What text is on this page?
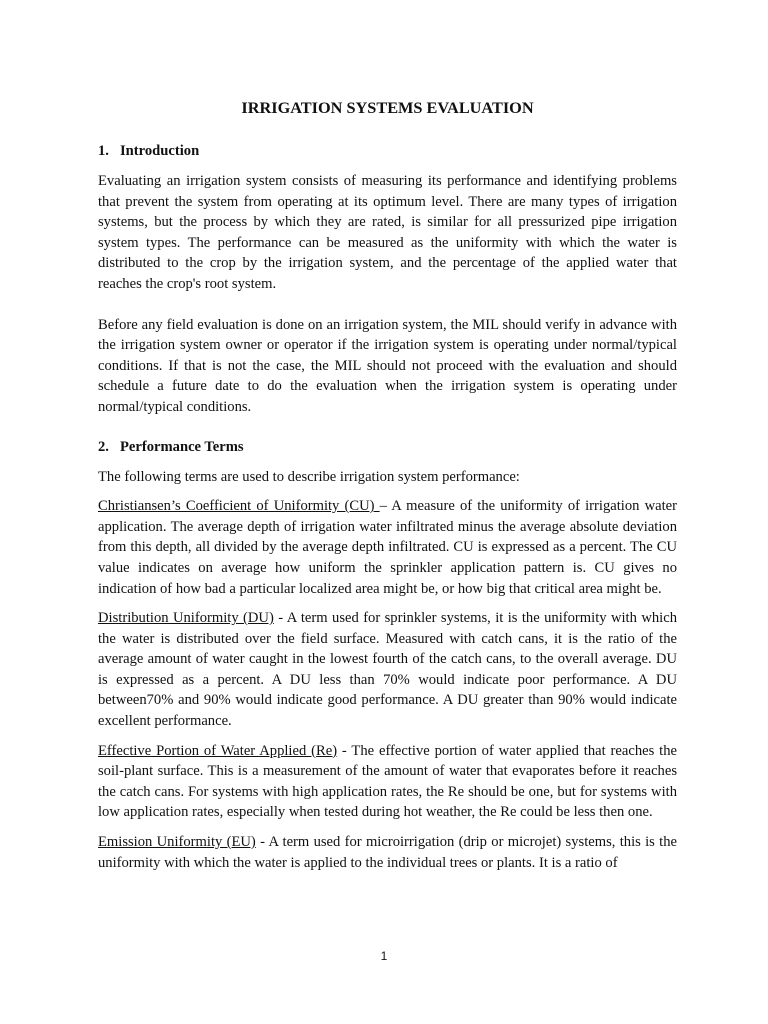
IRRIGATION SYSTEMS EVALUATION
1. Introduction

Evaluating an irrigation system consists of measuring its performance and identifying problems that prevent the system from operating at its optimum level. There are many types of irrigation systems, but the process by which they are rated, is similar for all pressurized pipe irrigation system types. The performance can be measured as the uniformity with which the water is distributed to the crop by the irrigation system, and the percentage of the applied water that reaches the crop's root system.

Before any field evaluation is done on an irrigation system, the MIL should verify in advance with the irrigation system owner or operator if the irrigation system is operating under normal/typical conditions. If that is not the case, the MIL should not proceed with the evaluation and should schedule a future date to do the evaluation when the irrigation system is operating under normal/typical conditions.

2. Performance Terms

The following terms are used to describe irrigation system performance:

Christiansen’s Coefficient of Uniformity (CU) – A measure of the uniformity of irrigation water application. The average depth of irrigation water infiltrated minus the average absolute deviation from this depth, all divided by the average depth infiltrated. CU is expressed as a percent. The CU value indicates on average how uniform the sprinkler application pattern is. CU gives no indication of how bad a particular localized area might be, or how big that critical area might be.

Distribution Uniformity (DU) - A term used for sprinkler systems, it is the uniformity with which the water is distributed over the field surface. Measured with catch cans, it is the ratio of the average amount of water caught in the lowest fourth of the catch cans, to the overall average. DU is expressed as a percent. A DU less than 70% would indicate poor performance. A DU between70% and 90% would indicate good performance. A DU greater than 90% would indicate excellent performance.

Effective Portion of Water Applied (Re) - The effective portion of water applied that reaches the soil-plant surface. This is a measurement of the amount of water that evaporates before it reaches the catch cans. For systems with high application rates, the Re should be one, but for systems with low application rates, especially when tested during hot weather, the Re could be less then one.

Emission Uniformity (EU) - A term used for microirrigation (drip or microjet) systems, this is the uniformity with which the water is applied to the individual trees or plants. It is a ratio of

1
